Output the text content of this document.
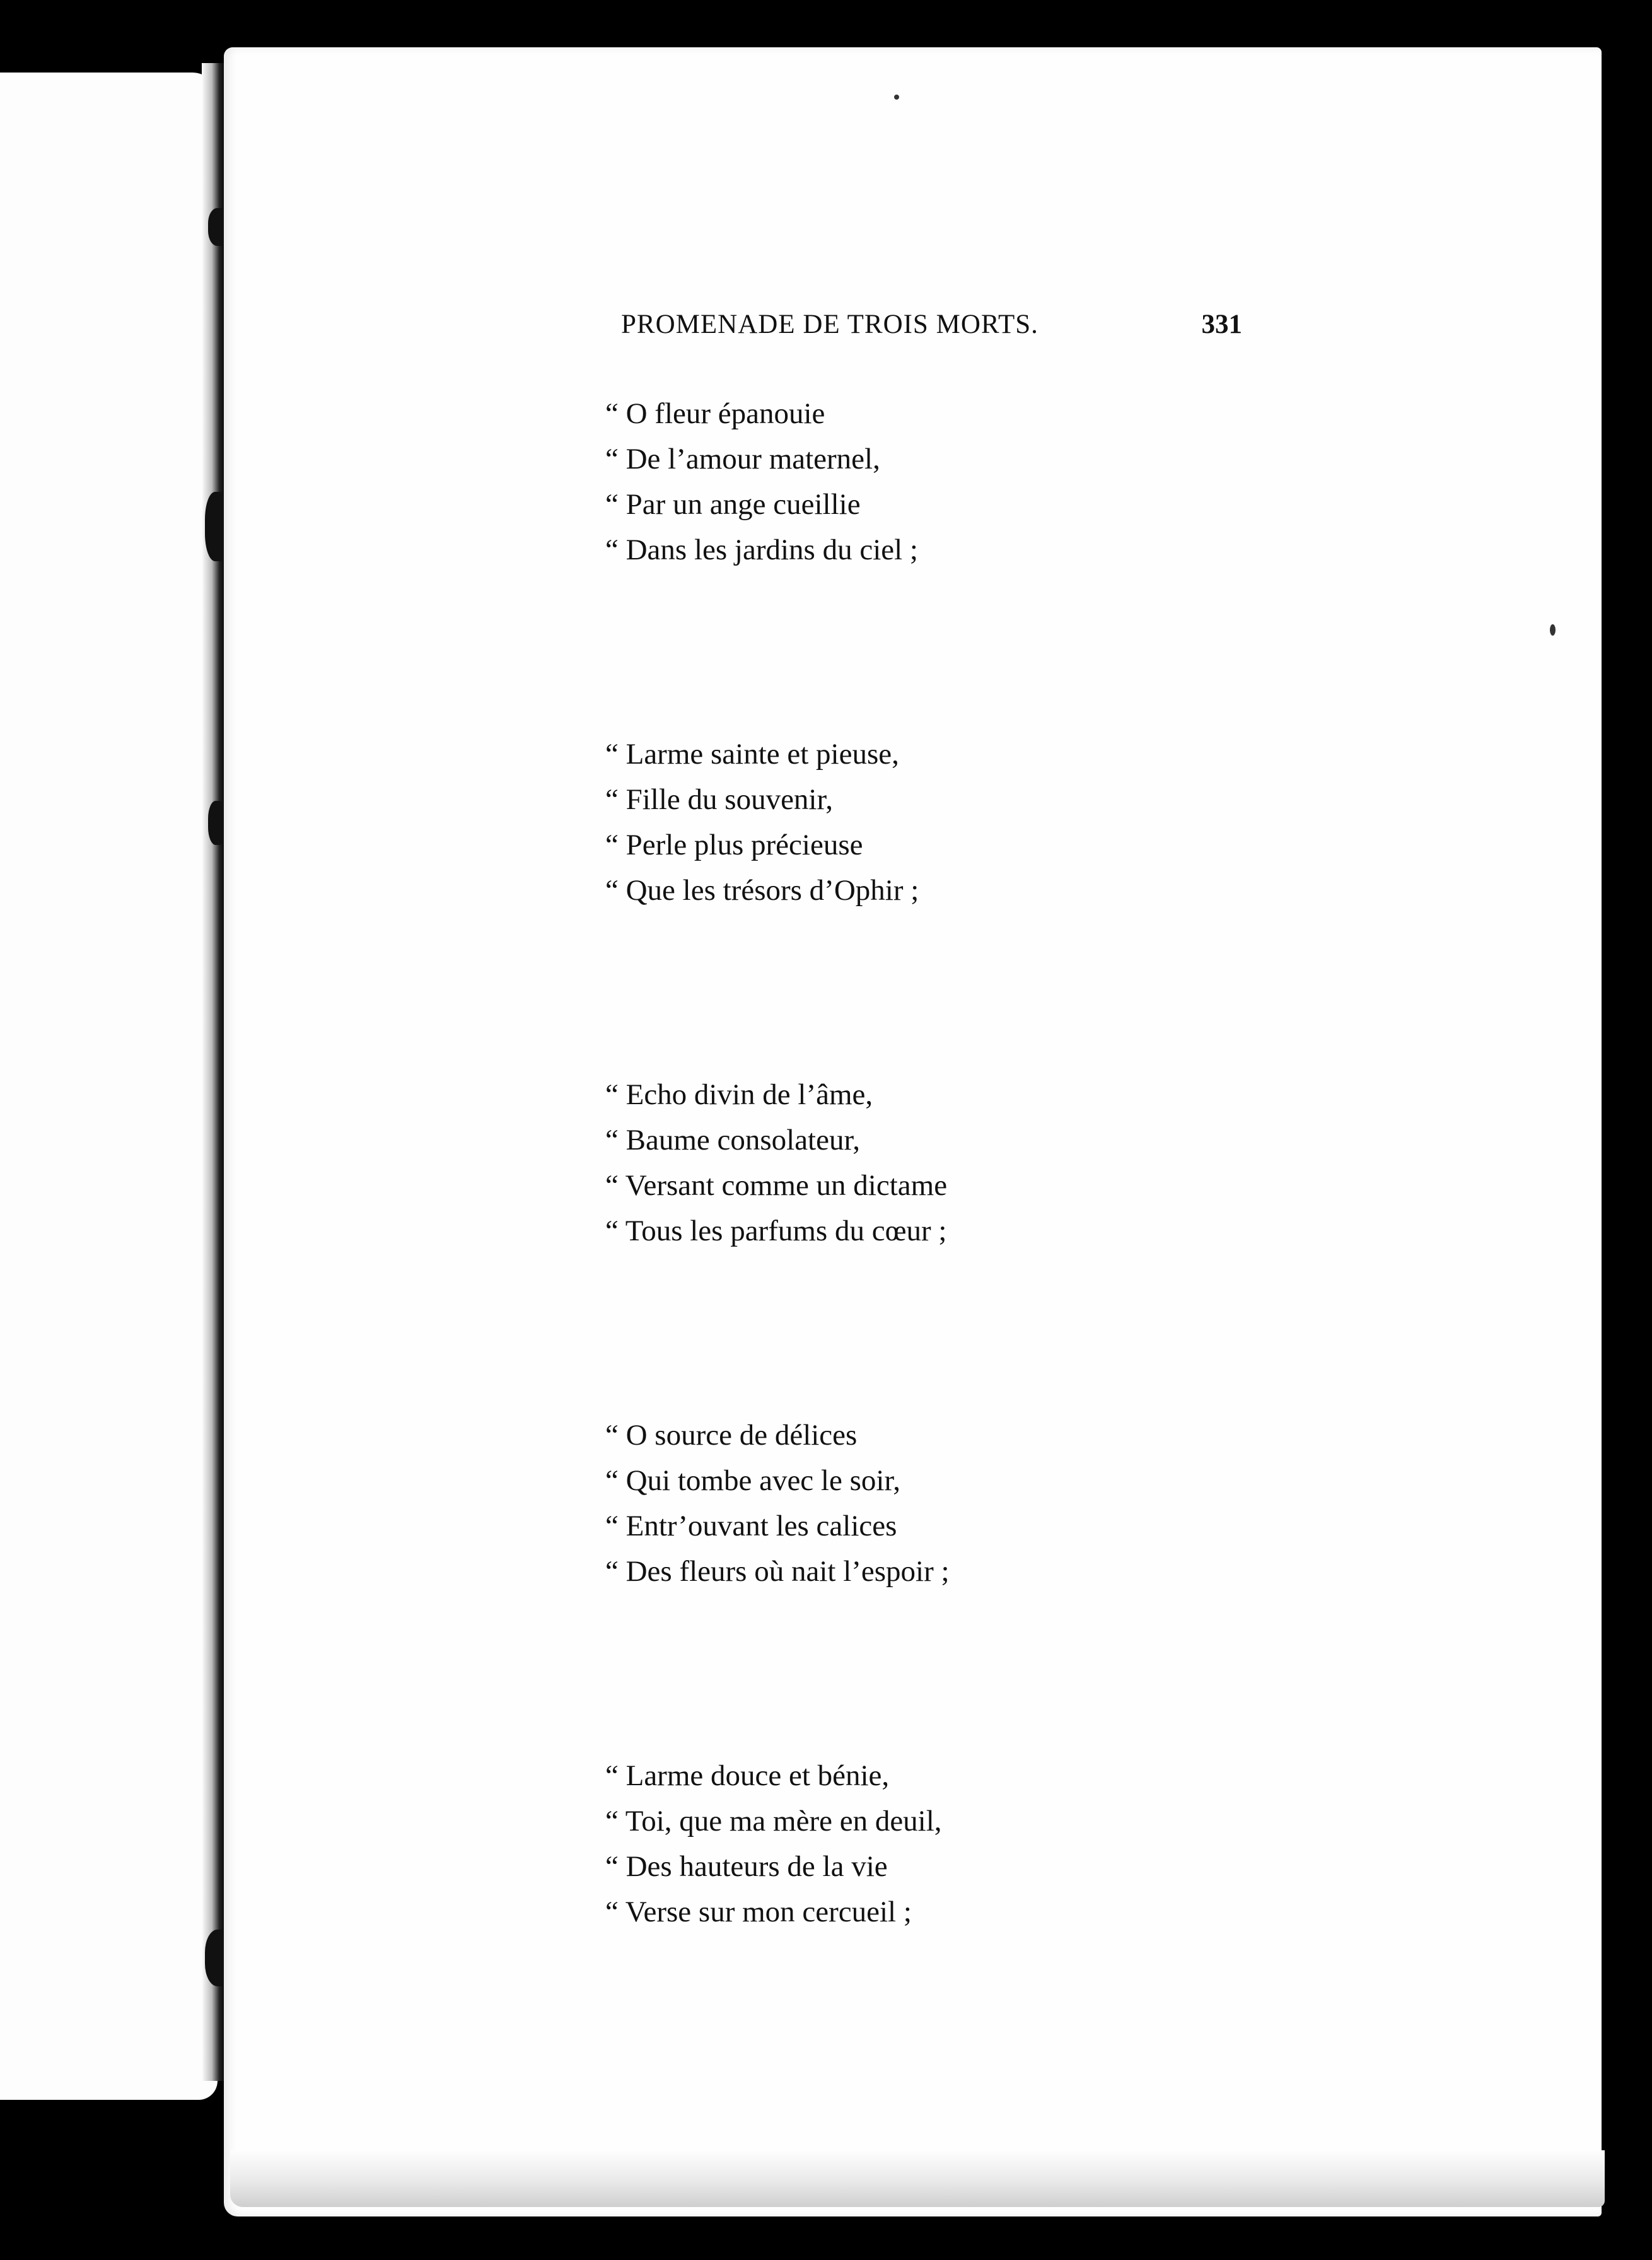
PROMENADE DE TROIS MORTS.	331
“ O fleur épanouie
“ De l’amour maternel,
“ Par un ange cueillie
“ Dans les jardins du ciel ;
“ Larme sainte et pieuse,
“ Fille du souvenir,
“ Perle plus précieuse
“ Que les trésors d’Ophir ;
“ Echo divin de l’âme,
“ Baume consolateur,
“ Versant comme un dictame
“ Tous les parfums du cœur ;
“ O source de délices
“ Qui tombe avec le soir,
“ Entr’ouvant les calices
“ Des fleurs où nait l’espoir ;
“ Larme douce et bénie,
“ Toi, que ma mère en deuil,
“ Des hauteurs de la vie
“ Verse sur mon cercueil ;
